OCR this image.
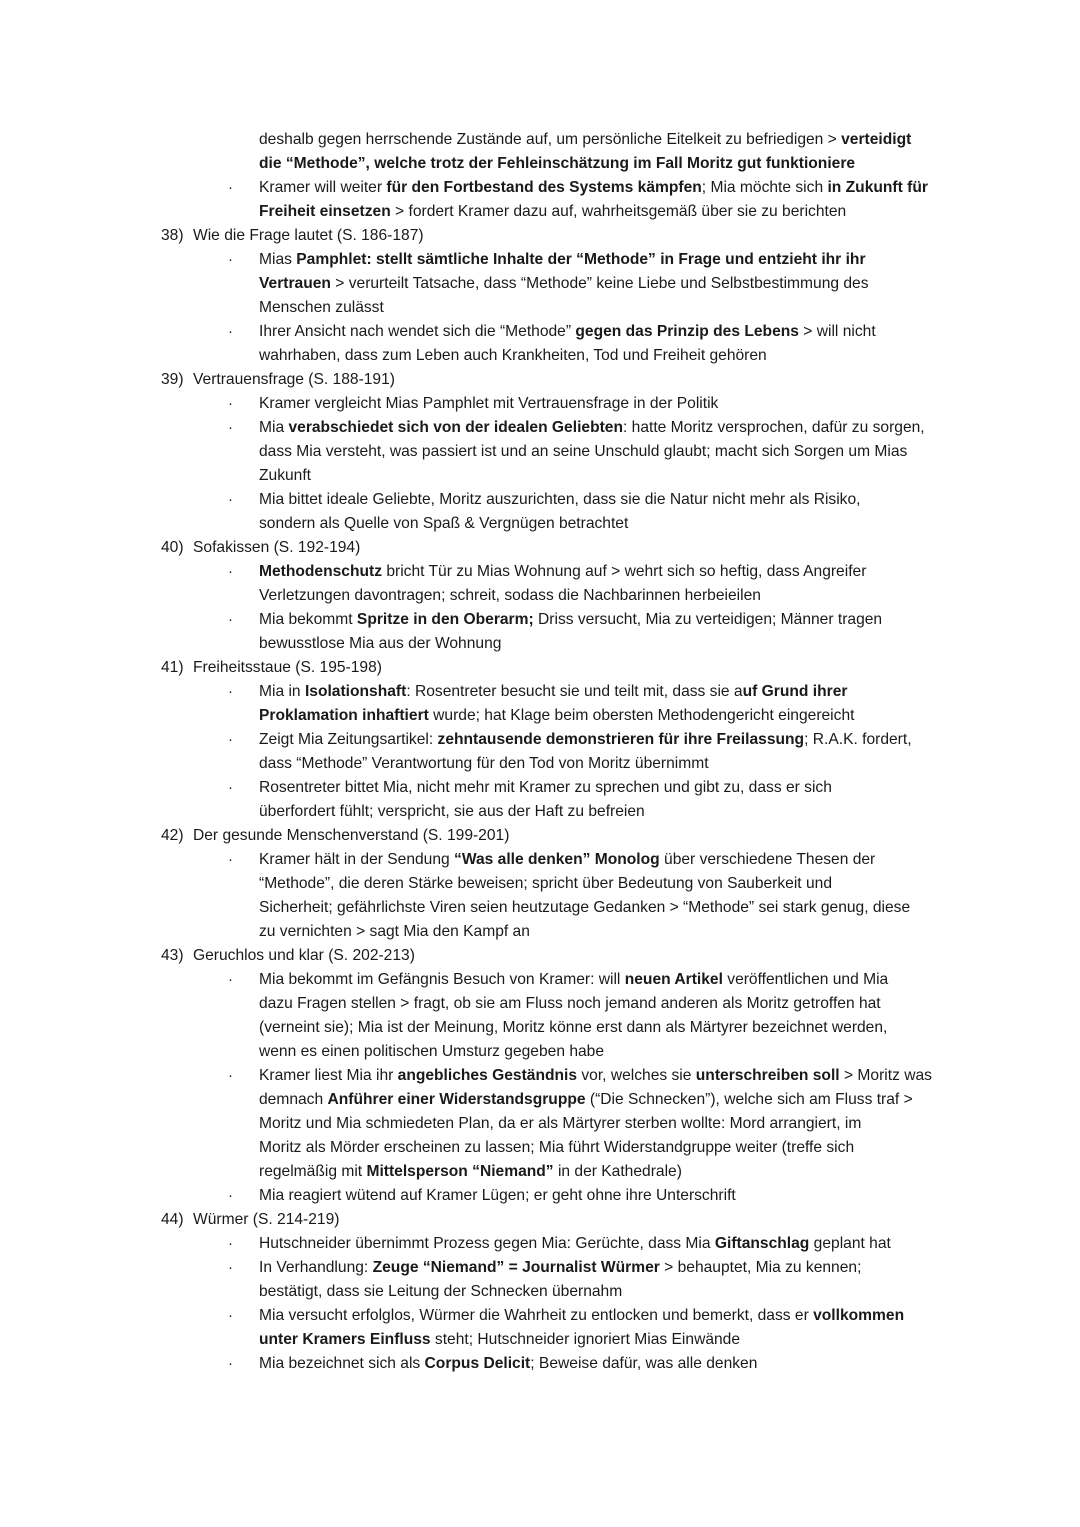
deshalb gegen herrschende Zustände auf, um persönliche Eitelkeit zu befriedigen > verteidigt
die “Methode”, welche trotz der Fehleinschätzung im Fall Moritz gut funktioniere
· Kramer will weiter für den Fortbestand des Systems kämpfen; Mia möchte sich in Zukunft für
Freiheit einsetzen > fordert Kramer dazu auf, wahrheitsgemäß über sie zu berichten
38) Wie die Frage lautet (S. 186-187)
· Mias Pamphlet: stellt sämtliche Inhalte der “Methode” in Frage und entzieht ihr ihr
Vertrauen > verurteilt Tatsache, dass “Methode” keine Liebe und Selbstbestimmung des
Menschen zulässt
· Ihrer Ansicht nach wendet sich die “Methode” gegen das Prinzip des Lebens > will nicht
wahrhaben, dass zum Leben auch Krankheiten, Tod und Freiheit gehören
39) Vertrauensfrage (S. 188-191)
· Kramer vergleicht Mias Pamphlet mit Vertrauensfrage in der Politik
· Mia verabschiedet sich von der idealen Geliebten: hatte Moritz versprochen, dafür zu sorgen,
dass Mia versteht, was passiert ist und an seine Unschuld glaubt; macht sich Sorgen um Mias
Zukunft
· Mia bittet ideale Geliebte, Moritz auszurichten, dass sie die Natur nicht mehr als Risiko,
sondern als Quelle von Spaß & Vergnügen betrachtet
40) Sofakissen (S. 192-194)
· Methodenschutz bricht Tür zu Mias Wohnung auf > wehrt sich so heftig, dass Angreifer
Verletzungen davontragen; schreit, sodass die Nachbarinnen herbeieilen
· Mia bekommt Spritze in den Oberarm; Driss versucht, Mia zu verteidigen; Männer tragen
bewusstlose Mia aus der Wohnung
41) Freiheitsstaue (S. 195-198)
· Mia in Isolationshaft: Rosentreter besucht sie und teilt mit, dass sie auf Grund ihrer
Proklamation inhaftiert wurde; hat Klage beim obersten Methodengericht eingereicht
· Zeigt Mia Zeitungsartikel: zehntausende demonstrieren für ihre Freilassung; R.A.K. fordert,
dass “Methode” Verantwortung für den Tod von Moritz übernimmt
· Rosentreter bittet Mia, nicht mehr mit Kramer zu sprechen und gibt zu, dass er sich
überfordert fühlt; verspricht, sie aus der Haft zu befreien
42) Der gesunde Menschenverstand (S. 199-201)
· Kramer hält in der Sendung “Was alle denken” Monolog über verschiedene Thesen der
“Methode”, die deren Stärke beweisen; spricht über Bedeutung von Sauberkeit und
Sicherheit; gefährlichste Viren seien heutzutage Gedanken > “Methode” sei stark genug, diese
zu vernichten > sagt Mia den Kampf an
43) Geruchlos und klar (S. 202-213)
· Mia bekommt im Gefängnis Besuch von Kramer: will neuen Artikel veröffentlichen und Mia
dazu Fragen stellen > fragt, ob sie am Fluss noch jemand anderen als Moritz getroffen hat
(verneint sie); Mia ist der Meinung, Moritz könne erst dann als Märtyrer bezeichnet werden,
wenn es einen politischen Umsturz gegeben habe
· Kramer liest Mia ihr angebliches Geständnis vor, welches sie unterschreiben soll > Moritz was
demnach Anführer einer Widerstandsgruppe (“Die Schnecken”), welche sich am Fluss traf >
Moritz und Mia schmiedeten Plan, da er als Märtyrer sterben wollte: Mord arrangiert, im
Moritz als Mörder erscheinen zu lassen; Mia führt Widerstandgruppe weiter (treffe sich
regelmäßig mit Mittelsperson “Niemand” in der Kathedrale)
· Mia reagiert wütend auf Kramer Lügen; er geht ohne ihre Unterschrift
44) Würmer (S. 214-219)
· Hutschneider übernimmt Prozess gegen Mia: Gerüchte, dass Mia Giftanschlag geplant hat
· In Verhandlung: Zeuge “Niemand” = Journalist Würmer > behauptet, Mia zu kennen;
bestätigt, dass sie Leitung der Schnecken übernahm
· Mia versucht erfolglos, Würmer die Wahrheit zu entlocken und bemerkt, dass er vollkommen
unter Kramers Einfluss steht; Hutschneider ignoriert Mias Einwände
· Mia bezeichnet sich als Corpus Delicit; Beweise dafür, was alle denken
